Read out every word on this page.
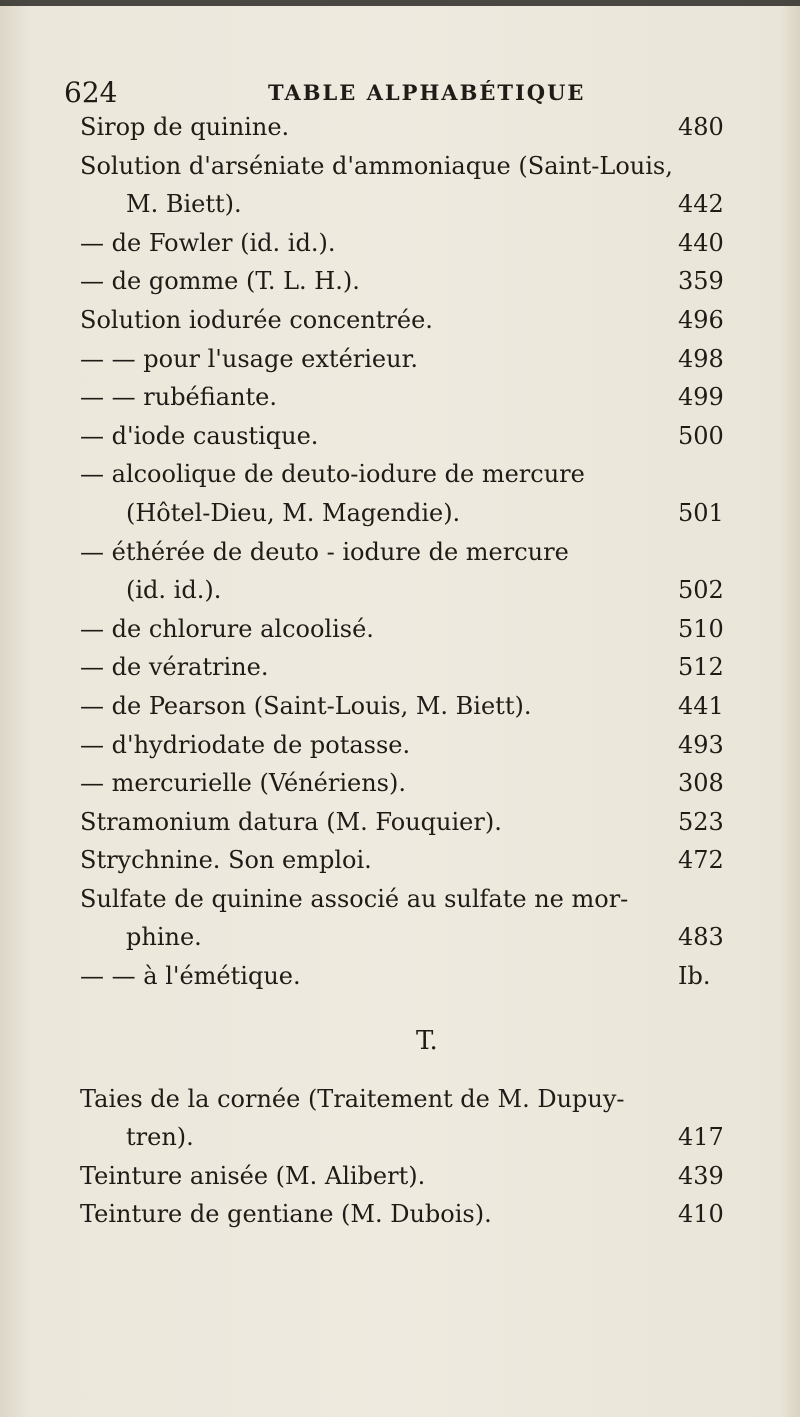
624	TABLE ALPHABÉTIQUE
Sirop de quinine.	480
Solution d'arséniate d'ammoniaque (Saint-Louis,
M. Biett).	442
— de Fowler (id. id.).	440
— de gomme (T. L. H.).	359
Solution iodurée concentrée.	496
— — pour l'usage extérieur.	498
— — rubéfiante.	499
— d'iode caustique.	500
— alcoolique de deuto-iodure de mercure
(Hôtel-Dieu, M. Magendie).	501
— éthérée de deuto - iodure de mercure
(id. id.).	502
— de chlorure alcoolisé.	510
— de vératrine.	512
— de Pearson (Saint-Louis, M. Biett).	441
— d'hydriodate de potasse.	493
— mercurielle (Vénériens).	308
Stramonium datura (M. Fouquier).	523
Strychnine. Son emploi.	472
Sulfate de quinine associé au sulfate ne mor-
phine.	483
— — à l'émétique.	Ib.
T.
Taies de la cornée (Traitement de M. Dupuy-
tren).	417
Teinture anisée (M. Alibert).	439
Teinture de gentiane (M. Dubois).	410
